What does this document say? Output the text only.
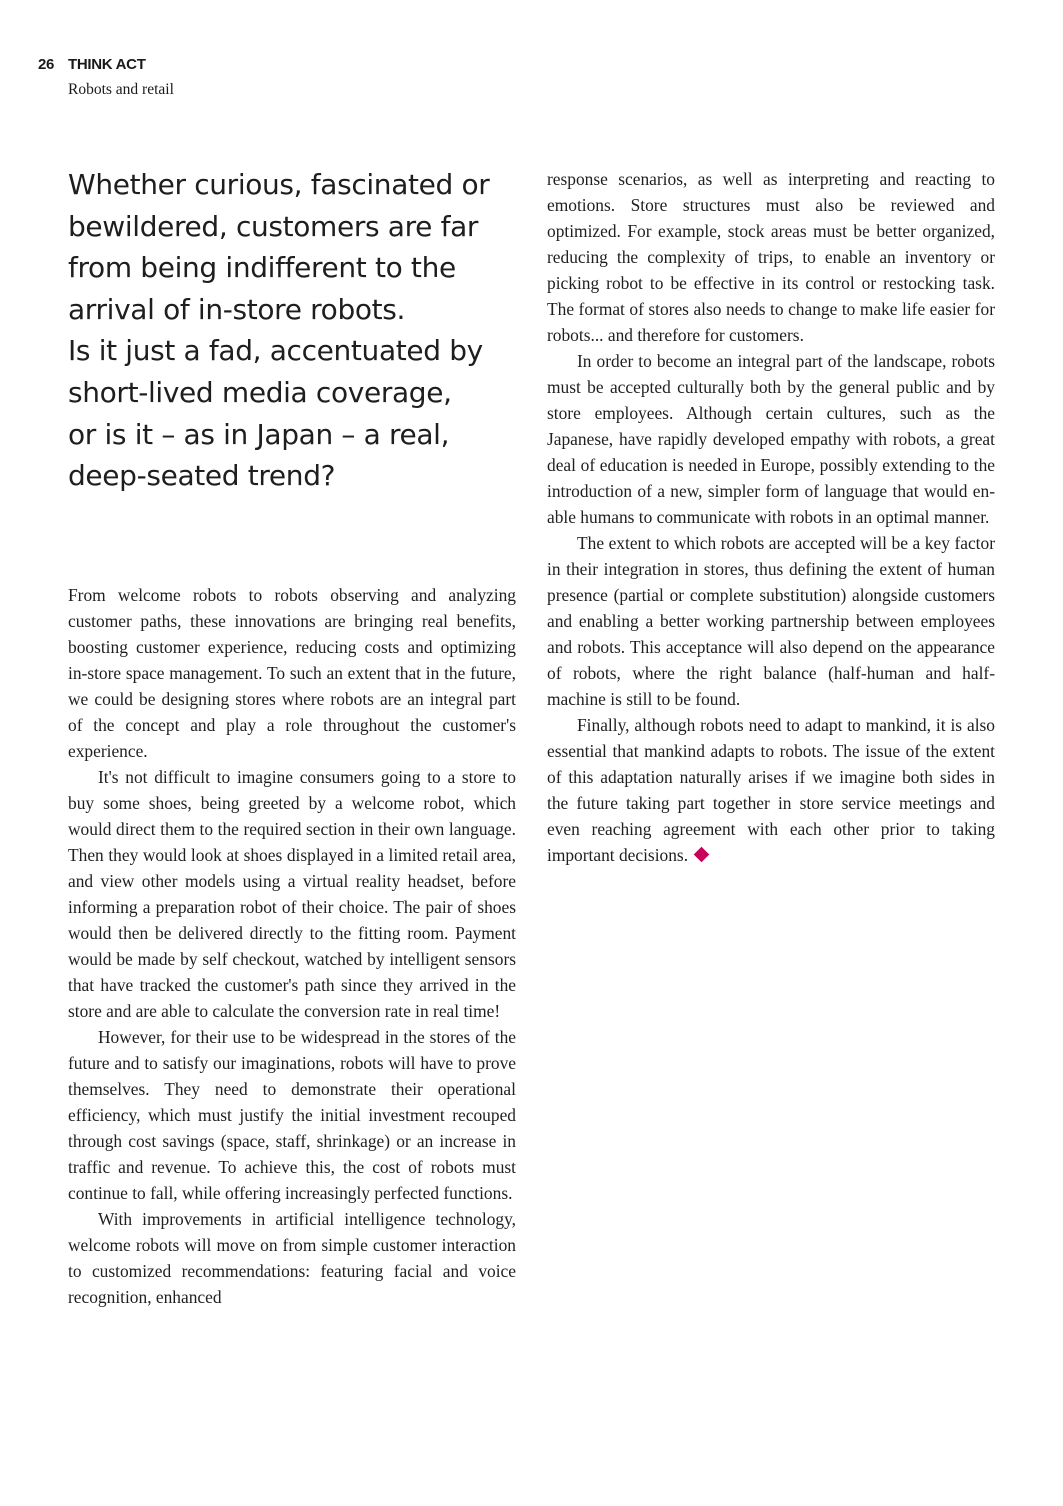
26 THINK ACT
Robots and retail
Whether curious, fascinated or
bewildered, customers are far
from being indifferent to the
arrival of in-store robots.
Is it just a fad, accentuated by
short-lived media coverage,
or is it – as in Japan – a real,
deep-seated trend?

From welcome robots to robots observing and analyzing customer paths, these innovations are bringing real benefits, boosting customer experience, reducing costs and optimizing in-store space management. To such an extent that in the future, we could be designing stores where robots are an integral part of the concept and play a role throughout the customer's experience.

It's not difficult to imagine consumers going to a store to buy some shoes, being greeted by a welcome robot, which would direct them to the required section in their own language. Then they would look at shoes displayed in a limited retail area, and view other models using a virtual reality headset, before informing a preparation robot of their choice. The pair of shoes would then be delivered directly to the fitting room. Payment would be made by self checkout, watched by intelligent sensors that have tracked the customer's path since they arrived in the store and are able to calculate the conversion rate in real time!

However, for their use to be widespread in the stores of the future and to satisfy our imaginations, robots will have to prove themselves. They need to demonstrate their operational efficiency, which must justify the initial investment recouped through cost savings (space, staff, shrinkage) or an increase in traffic and revenue. To achieve this, the cost of robots must continue to fall, while offering increasingly perfected functions.

With improvements in artificial intelligence technology, welcome robots will move on from simple customer interaction to customized recommendations: featuring facial and voice recognition, enhanced

response scenarios, as well as interpreting and reacting to emotions. Store structures must also be reviewed and optimized. For example, stock areas must be better organized, reducing the complexity of trips, to enable an inventory or picking robot to be effective in its control or restocking task. The format of stores also needs to change to make life easier for robots... and therefore for customers.

In order to become an integral part of the landscape, robots must be accepted culturally both by the general public and by store employees. Although certain cultures, such as the Japanese, have rapidly developed empathy with robots, a great deal of education is needed in Europe, possibly extending to the introduction of a new, simpler form of language that would enable humans to communicate with robots in an optimal manner.

The extent to which robots are accepted will be a key factor in their integration in stores, thus defining the extent of human presence (partial or complete substitution) alongside customers and enabling a better working partnership between employees and robots. This acceptance will also depend on the appearance of robots, where the right balance (half-human and half-machine is still to be found.

Finally, although robots need to adapt to mankind, it is also essential that mankind adapts to robots. The issue of the extent of this adaptation naturally arises if we imagine both sides in the future taking part together in store service meetings and even reaching agreement with each other prior to taking important decisions.
